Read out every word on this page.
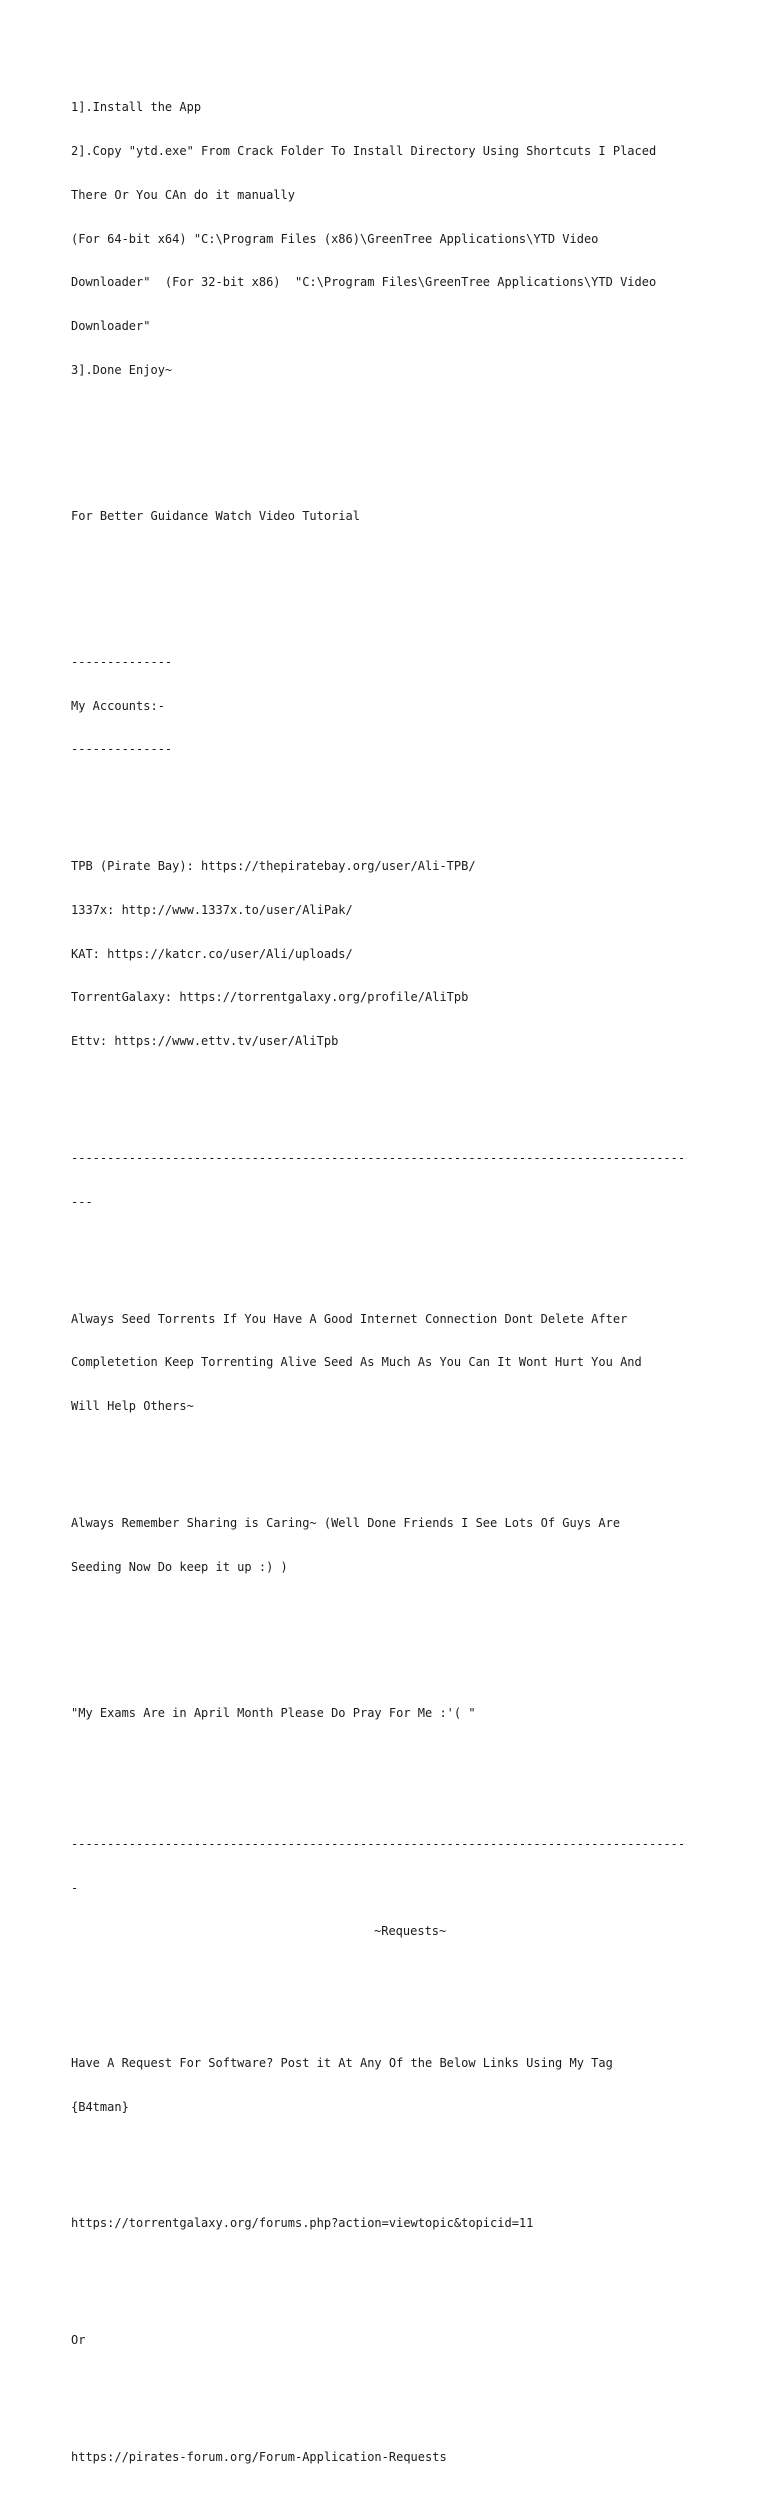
1].Install the App

2].Copy "ytd.exe" From Crack Folder To Install Directory Using Shortcuts I Placed

There Or You CAn do it manually

(For 64-bit x64) "C:\Program Files (x86)\GreenTree Applications\YTD Video

Downloader"  (For 32-bit x86)  "C:\Program Files\GreenTree Applications\YTD Video

Downloader"

3].Done Enjoy~

For Better Guidance Watch Video Tutorial

--------------

My Accounts:-

--------------

TPB (Pirate Bay): https://thepiratebay.org/user/Ali-TPB/

1337x: http://www.1337x.to/user/AliPak/

KAT: https://katcr.co/user/Ali/uploads/

TorrentGalaxy: https://torrentgalaxy.org/profile/AliTpb

Ettv: https://www.ettv.tv/user/AliTpb

-------------------------------------------------------------------------------------

---

Always Seed Torrents If You Have A Good Internet Connection Dont Delete After

Completetion Keep Torrenting Alive Seed As Much As You Can It Wont Hurt You And

Will Help Others~

Always Remember Sharing is Caring~ (Well Done Friends I See Lots Of Guys Are

Seeding Now Do keep it up :) )

"My Exams Are in April Month Please Do Pray For Me :'( "

-------------------------------------------------------------------------------------

-

~Requests~

Have A Request For Software? Post it At Any Of the Below Links Using My Tag

{B4tman}

https://torrentgalaxy.org/forums.php?action=viewtopic&topicid=11

Or

https://pirates-forum.org/Forum-Application-Requests
